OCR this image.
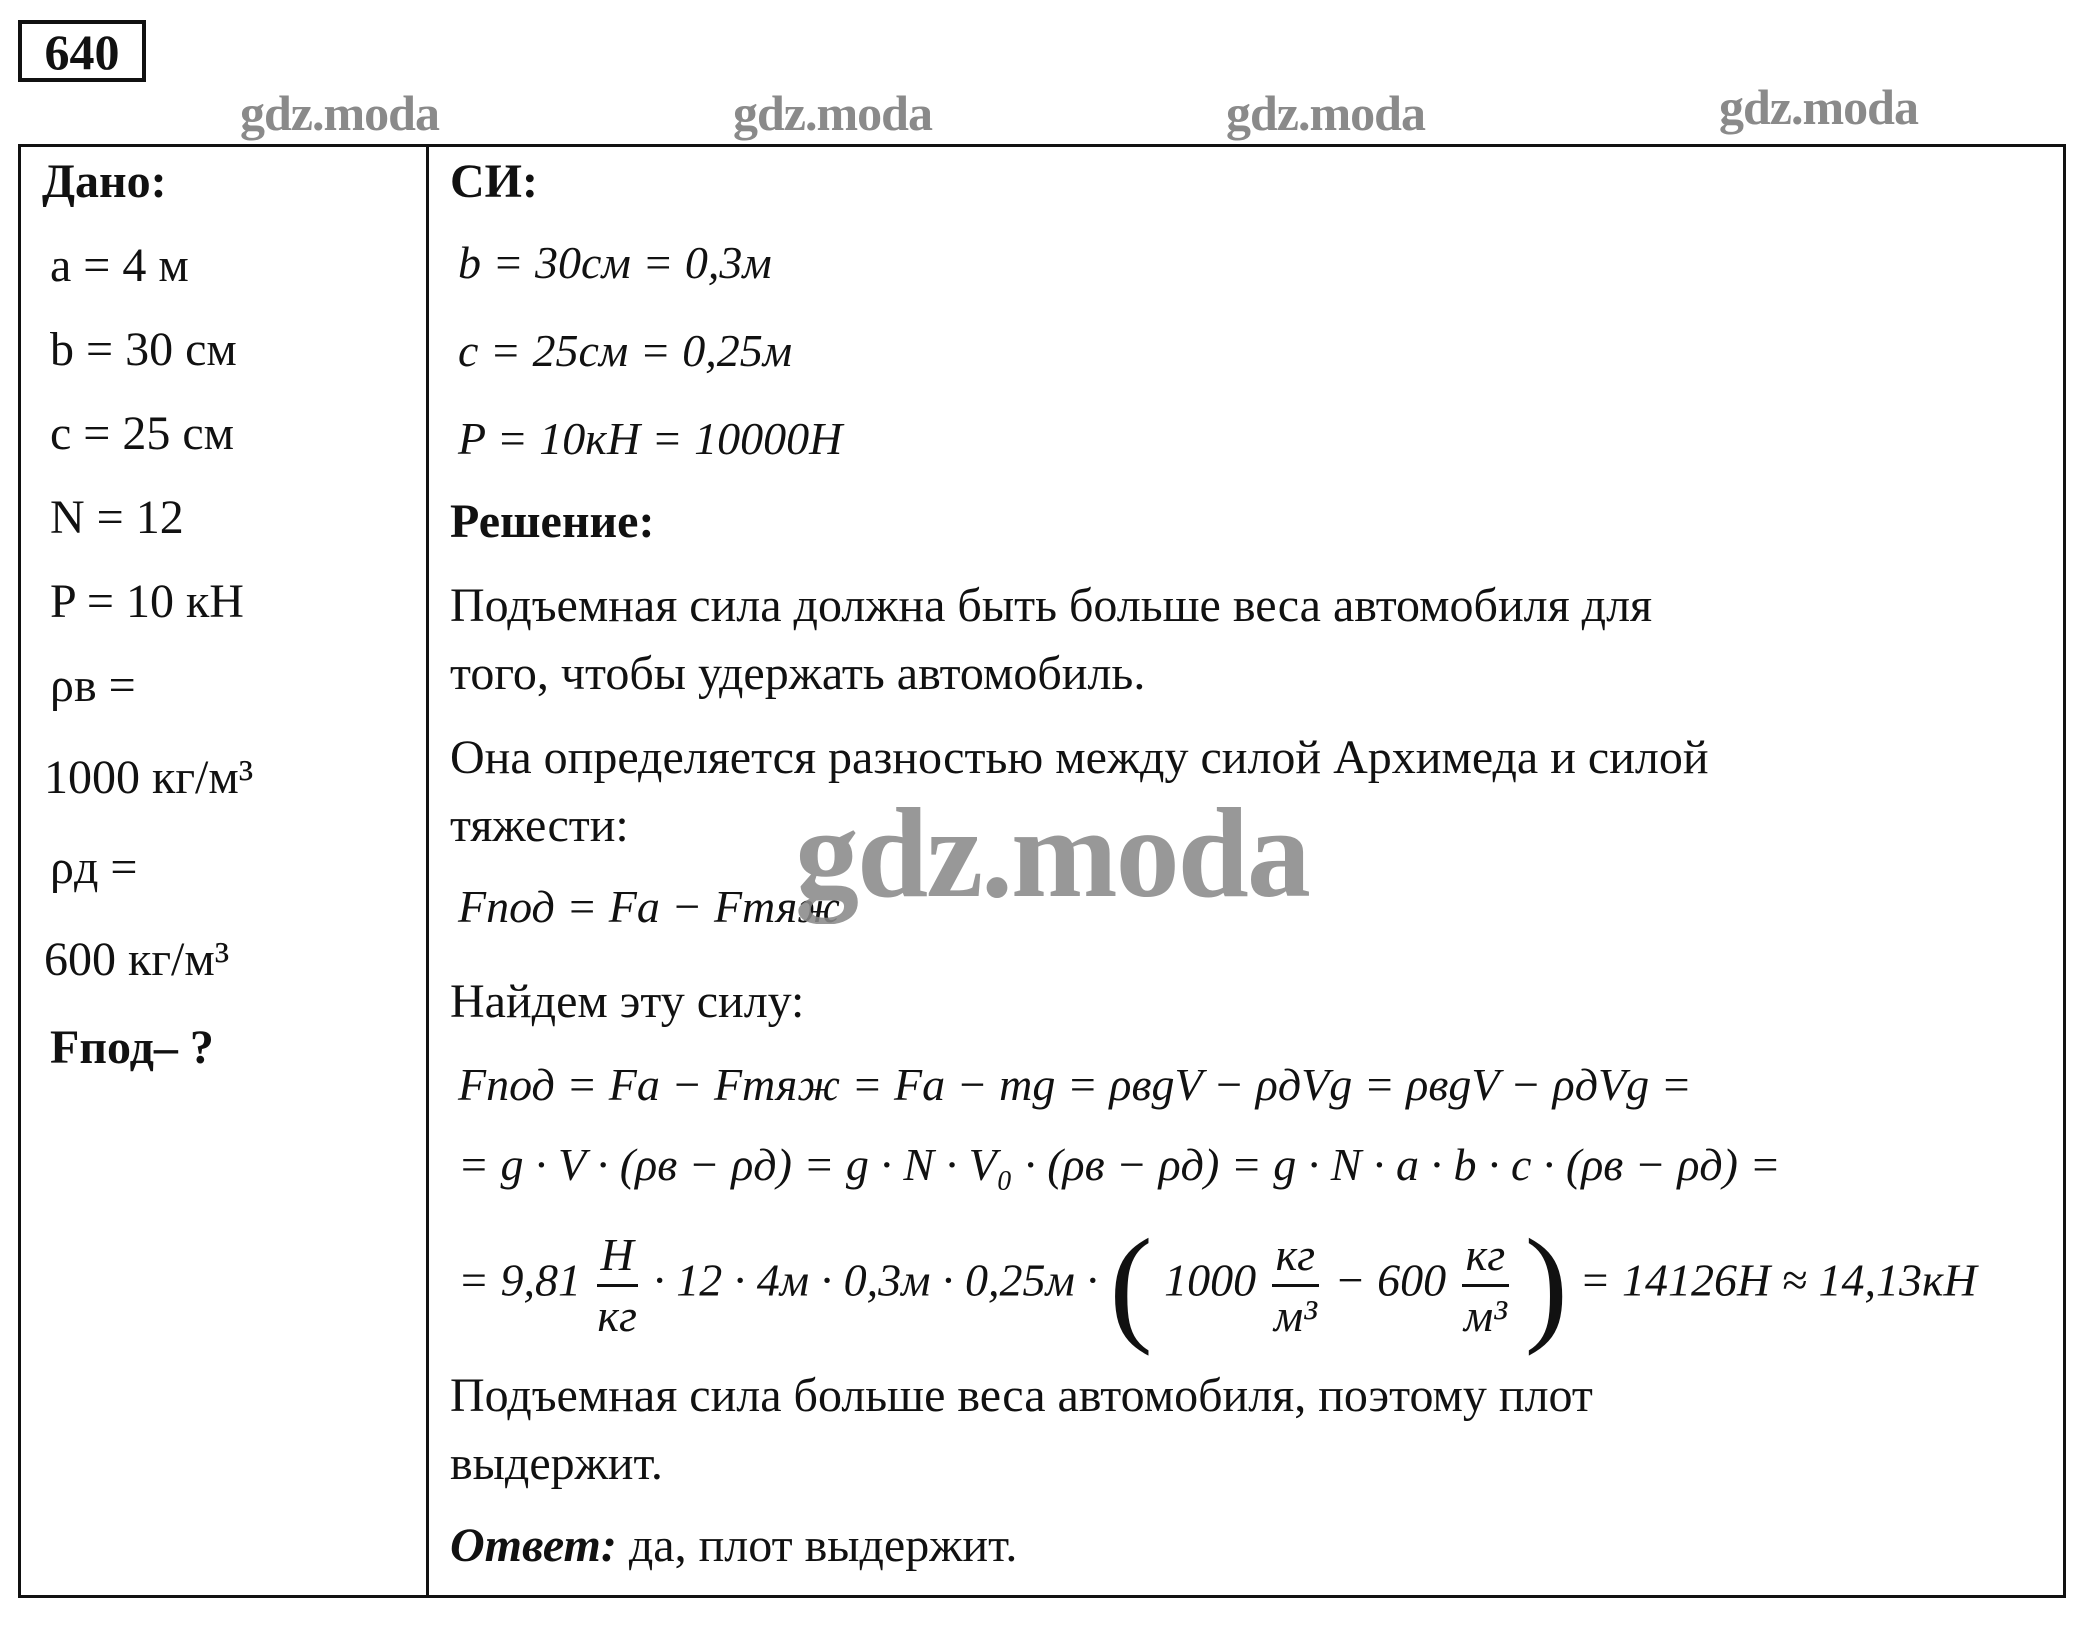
640
gdz.moda	gdz.moda	gdz.moda	gdz.moda
Дано:
a = 4 м
b = 30 см
c = 25 см
N = 12
P = 10 кН
ρв =
1000 кг/м³
ρд =
600 кг/м³
Fпод– ?
СИ:
b = 30см = 0,3м
c = 25см = 0,25м
P = 10кН = 10000Н
Решение:
Подъемная сила должна быть больше веса автомобиля для
того, чтобы удержать автомобиль.
Она определяется разностью между силой Архимеда и силой
тяжести:
Fпод = Fа − Fтяж
Найдем эту силу:
Fпод = Fа − Fтяж = Fа − mg = ρвgV − ρдVg = ρвgV − ρдVg =
= g · V · (ρв − ρд) = g · N · V₀ · (ρв − ρд) = g · N · a · b · c · (ρв − ρд) =
= $9,81 \frac{Н}{кг} \cdot 12 \cdot 4м \cdot 0,3м \cdot 0,25м$ · ( $1000 \frac{кг}{\text{м³}} - 600 \frac{кг}{\text{м³}}$ ) = 14126Н ≈ 14,13кН
Подъемная сила больше веса автомобиля, поэтому плот
выдержит.
Ответ: да, плот выдержит.
gdz.moda
